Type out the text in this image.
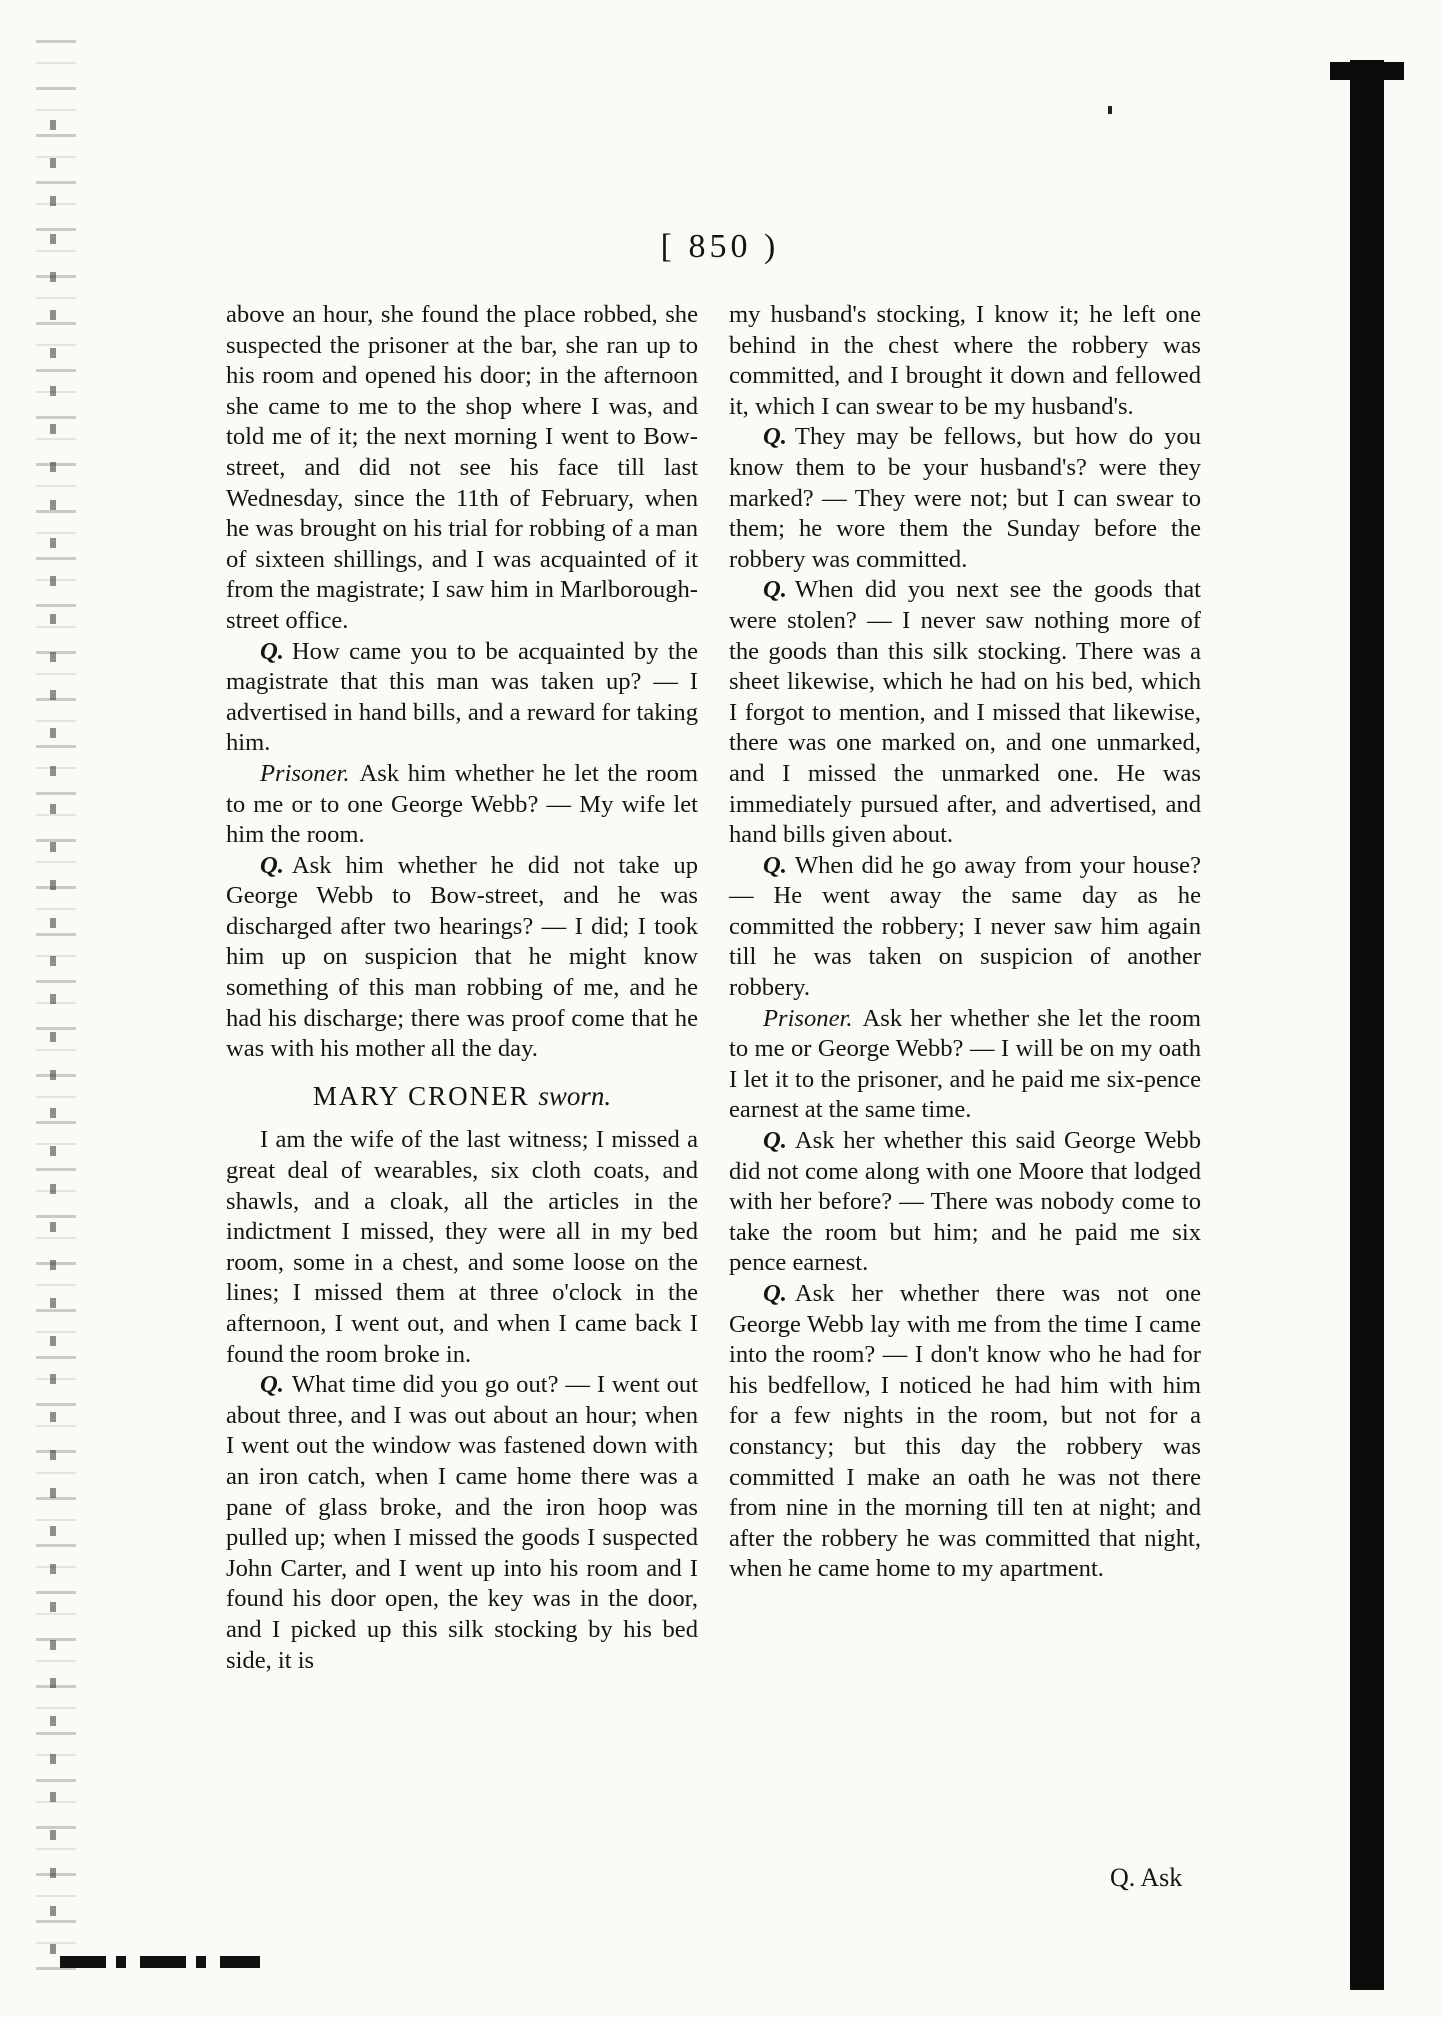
[ 850 )

above an hour, she found the place robbed, she suspected the prisoner at the bar, she ran up to his room and opened his door; in the afternoon she came to me to the shop where I was, and told me of it; the next morning I went to Bow-street, and did not see his face till last Wednesday, since the 11th of February, when he was brought on his trial for robbing of a man of sixteen shillings, and I was acquainted of it from the magistrate; I saw him in Marlborough-street office.

Q. How came you to be acquainted by the magistrate that this man was taken up? — I advertised in hand bills, and a reward for taking him.

Prisoner. Ask him whether he let the room to me or to one George Webb? — My wife let him the room.

Q. Ask him whether he did not take up George Webb to Bow-street, and he was discharged after two hearings? — I did; I took him up on suspicion that he might know something of this man robbing of me, and he had his discharge; there was proof come that he was with his mother all the day.

MARY CRONER sworn.

I am the wife of the last witness; I missed a great deal of wearables, six cloth coats, and shawls, and a cloak, all the articles in the indictment I missed, they were all in my bed room, some in a chest, and some loose on the lines; I missed them at three o'clock in the afternoon, I went out, and when I came back I found the room broke in.

Q. What time did you go out? — I went out about three, and I was out about an hour; when I went out the window was fastened down with an iron catch, when I came home there was a pane of glass broke, and the iron hoop was pulled up; when I missed the goods I suspected John Carter, and I went up into his room and I found his door open, the key was in the door, and I picked up this silk stocking by his bed side, it is

my husband's stocking, I know it; he left one behind in the chest where the robbery was committed, and I brought it down and fellowed it, which I can swear to be my husband's.

Q. They may be fellows, but how do you know them to be your husband's? were they marked? — They were not; but I can swear to them; he wore them the Sunday before the robbery was committed.

Q. When did you next see the goods that were stolen? — I never saw nothing more of the goods than this silk stocking. There was a sheet likewise, which he had on his bed, which I forgot to mention, and I missed that likewise, there was one marked on, and one unmarked, and I missed the unmarked one. He was immediately pursued after, and advertised, and hand bills given about.

Q. When did he go away from your house? — He went away the same day as he committed the robbery; I never saw him again till he was taken on suspicion of another robbery.

Prisoner. Ask her whether she let the room to me or George Webb? — I will be on my oath I let it to the prisoner, and he paid me six-pence earnest at the same time.

Q. Ask her whether this said George Webb did not come along with one Moore that lodged with her before? — There was nobody come to take the room but him; and he paid me six pence earnest.

Q. Ask her whether there was not one George Webb lay with me from the time I came into the room? — I don't know who he had for his bedfellow, I noticed he had him with him for a few nights in the room, but not for a constancy; but this day the robbery was committed I make an oath he was not there from nine in the morning till ten at night; and after the robbery he was committed that night, when he came home to my apartment.

Q. Ask
